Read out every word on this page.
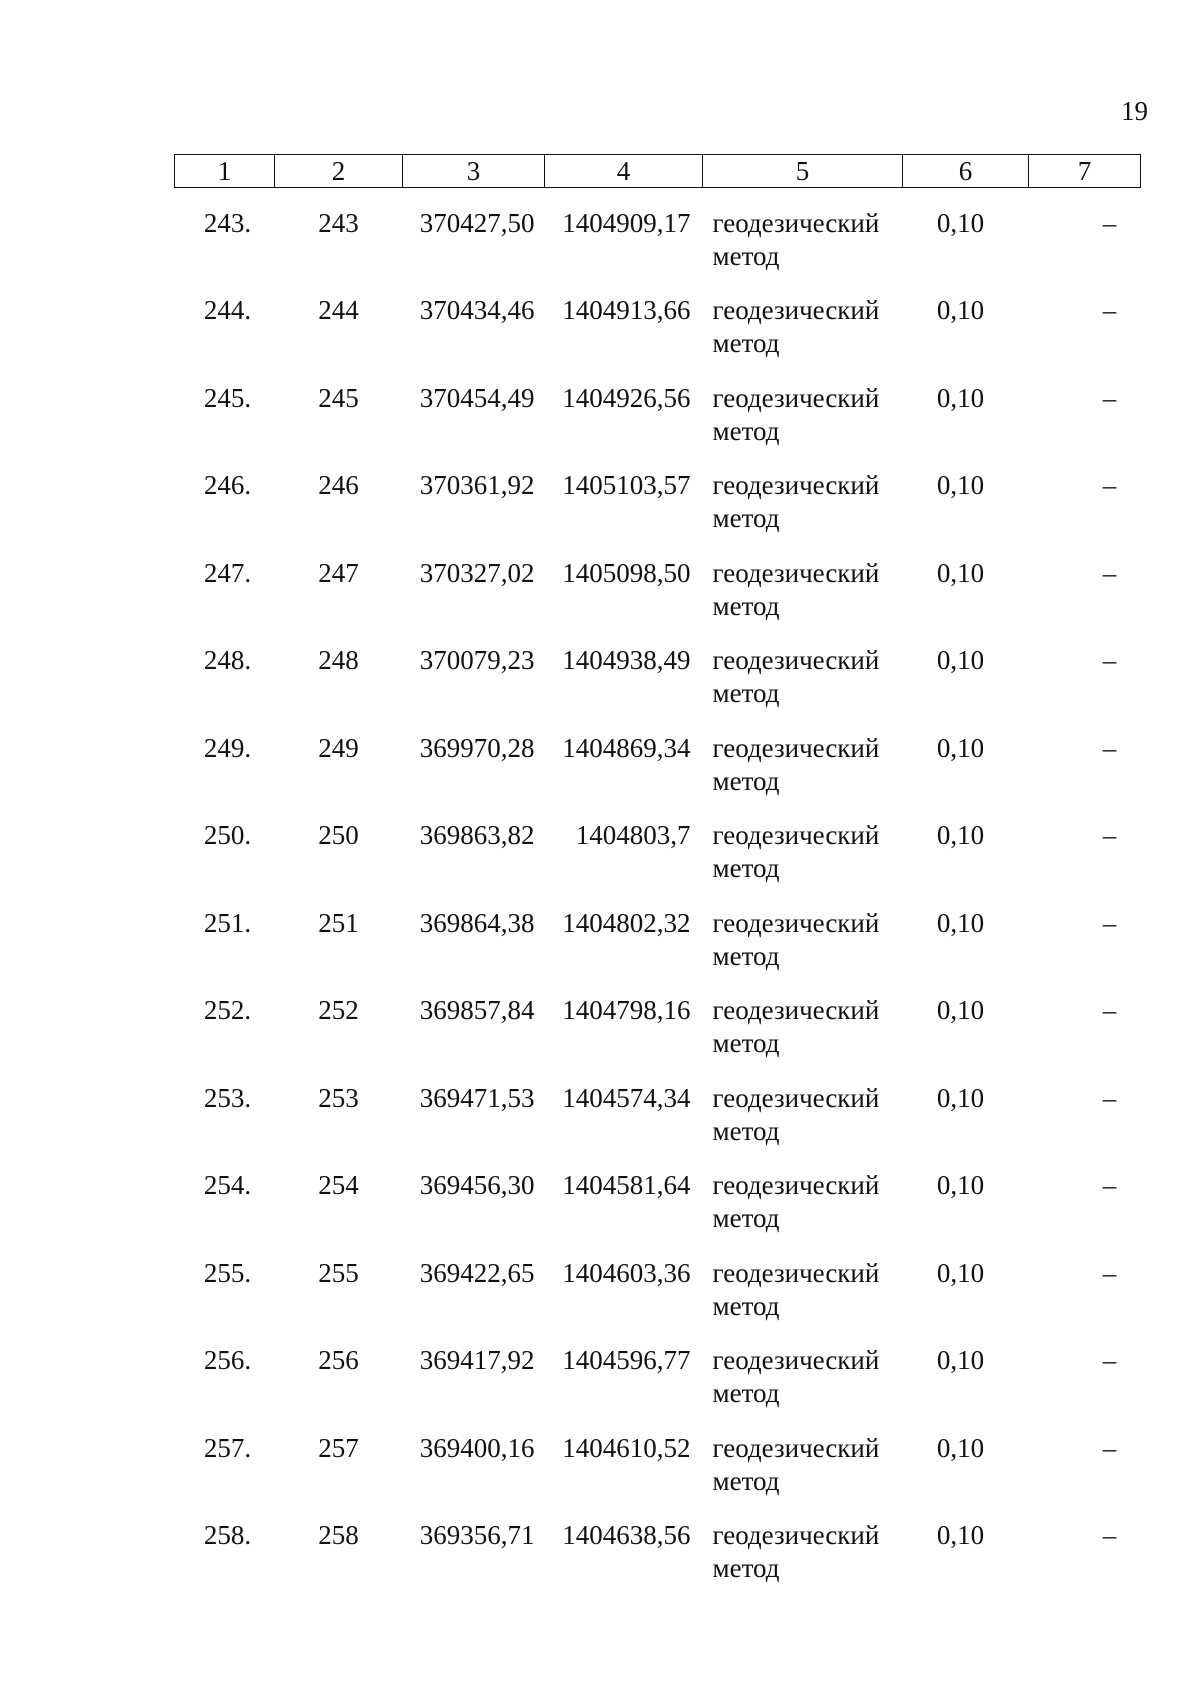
19
1	2	3	4	5	6	7
243.	243	370427,50	1404909,17	геодезический метод	0,10	–
244.	244	370434,46	1404913,66	геодезический метод	0,10	–
245.	245	370454,49	1404926,56	геодезический метод	0,10	–
246.	246	370361,92	1405103,57	геодезический метод	0,10	–
247.	247	370327,02	1405098,50	геодезический метод	0,10	–
248.	248	370079,23	1404938,49	геодезический метод	0,10	–
249.	249	369970,28	1404869,34	геодезический метод	0,10	–
250.	250	369863,82	1404803,7	геодезический метод	0,10	–
251.	251	369864,38	1404802,32	геодезический метод	0,10	–
252.	252	369857,84	1404798,16	геодезический метод	0,10	–
253.	253	369471,53	1404574,34	геодезический метод	0,10	–
254.	254	369456,30	1404581,64	геодезический метод	0,10	–
255.	255	369422,65	1404603,36	геодезический метод	0,10	–
256.	256	369417,92	1404596,77	геодезический метод	0,10	–
257.	257	369400,16	1404610,52	геодезический метод	0,10	–
258.	258	369356,71	1404638,56	геодезический метод	0,10	–
